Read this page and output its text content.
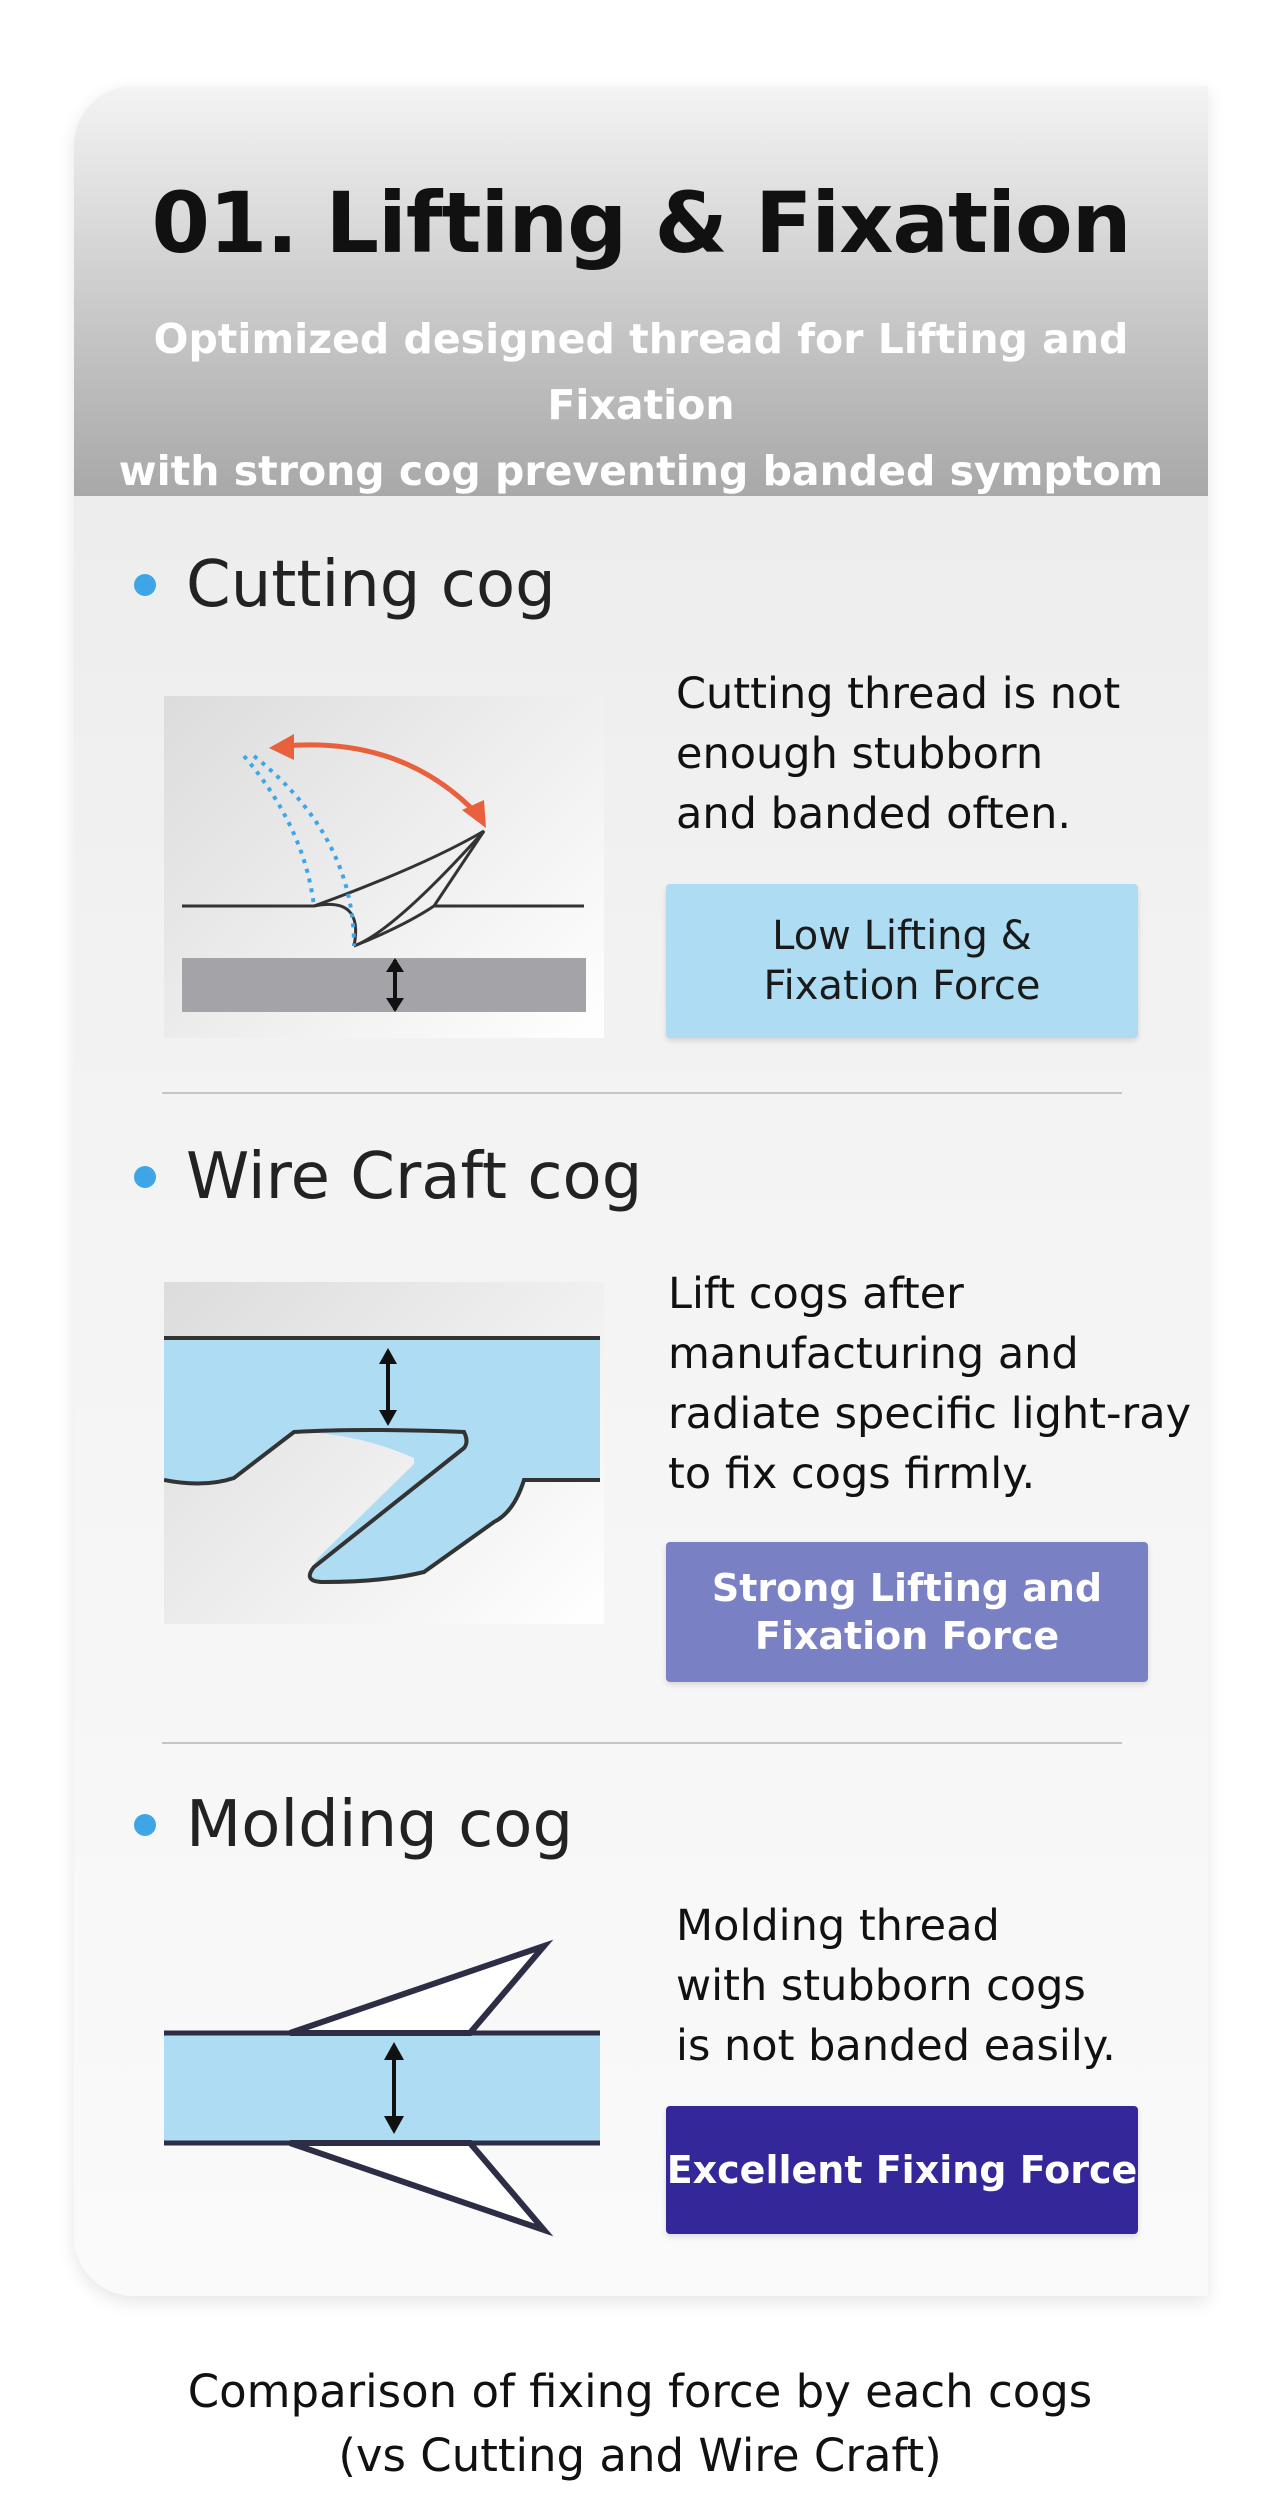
01. Lifting & Fixation
Optimized designed thread for Lifting and Fixation
with strong cog preventing banded symptom
Cutting cog
Cutting thread is not
enough stubborn
and banded often.
Low Lifting &
Fixation Force
Wire Craft cog
Lift cogs after
manufacturing and
radiate specific light-ray
to fix cogs firmly.
Strong Lifting and
Fixation Force
Molding cog
Molding thread
with stubborn cogs
is not banded easily.
Excellent Fixing Force
Comparison of fixing force by each cogs
(vs Cutting and Wire Craft)
